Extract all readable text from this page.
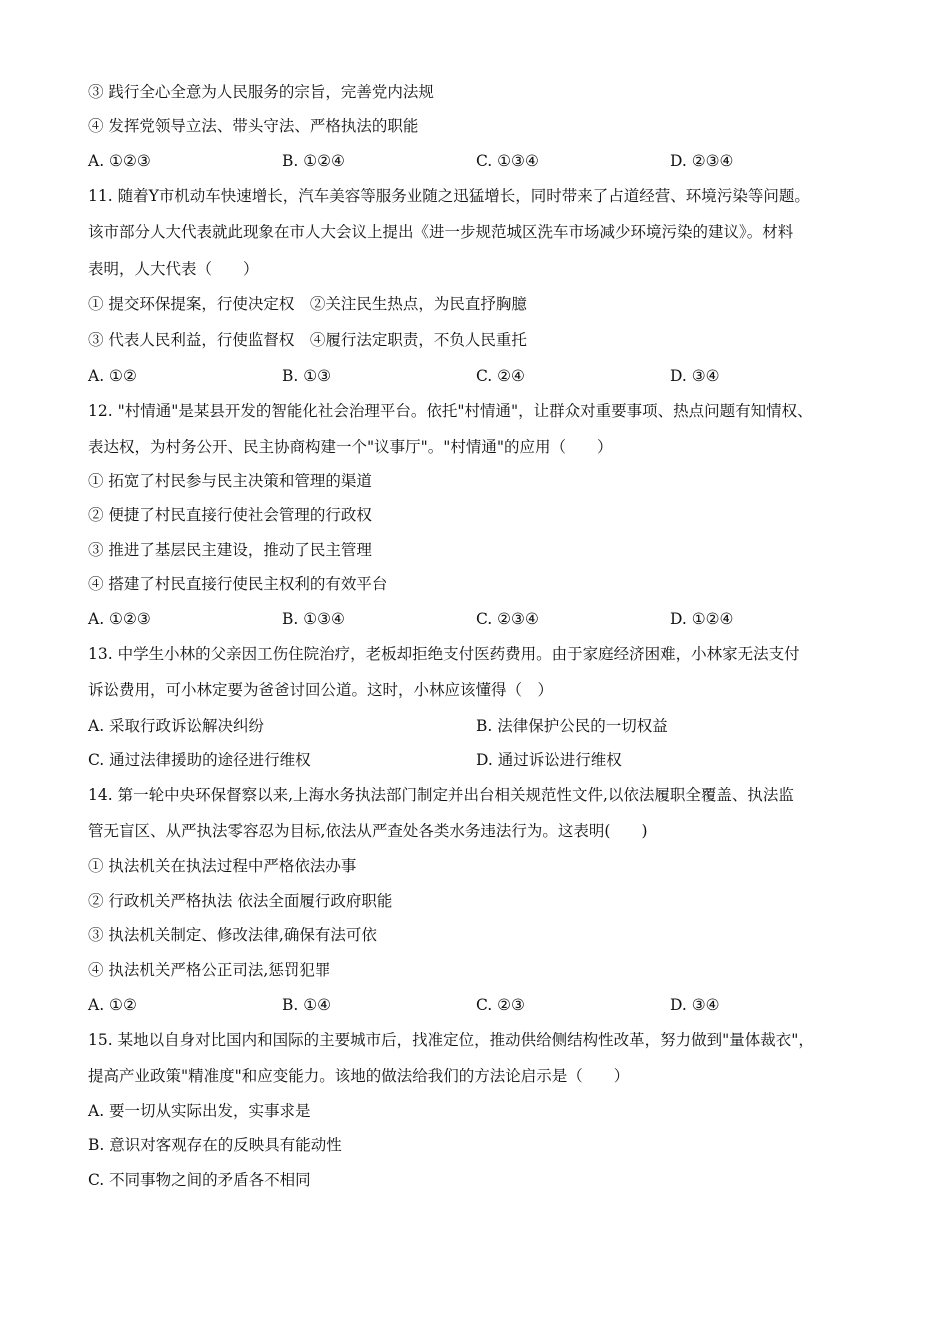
③ 践行全心全意为人民服务的宗旨，完善党内法规
④ 发挥党领导立法、带头守法、严格执法的职能
A. ①②③	B. ①②④	C. ①③④	D. ②③④
11. 随着Y市机动车快速增长，汽车美容等服务业随之迅猛增长，同时带来了占道经营、环境污染等问题。
该市部分人大代表就此现象在市人大会议上提出《进一步规范城区洗车市场减少环境污染的建议》。材料
表明，人大代表（　　）
① 提交环保提案，行使决定权　②关注民生热点，为民直抒胸臆
③ 代表人民利益，行使监督权　④履行法定职责，不负人民重托
A. ①②	B. ①③	C. ②④	D. ③④
12. "村情通"是某县开发的智能化社会治理平台。依托"村情通"，让群众对重要事项、热点问题有知情权、
表达权，为村务公开、民主协商构建一个"议事厅"。"村情通"的应用（　　）
① 拓宽了村民参与民主决策和管理的渠道
② 便捷了村民直接行使社会管理的行政权
③ 推进了基层民主建设，推动了民主管理
④ 搭建了村民直接行使民主权利的有效平台
A. ①②③	B. ①③④	C. ②③④	D. ①②④
13. 中学生小林的父亲因工伤住院治疗，老板却拒绝支付医药费用。由于家庭经济困难，小林家无法支付
诉讼费用，可小林定要为爸爸讨回公道。这时，小林应该懂得（　）
A. 采取行政诉讼解决纠纷	B. 法律保护公民的一切权益
C. 通过法律援助的途径进行维权	D. 通过诉讼进行维权
14. 第一轮中央环保督察以来,上海水务执法部门制定并出台相关规范性文件,以依法履职全覆盖、执法监
管无盲区、从严执法零容忍为目标,依法从严查处各类水务违法行为。这表明(　　)
① 执法机关在执法过程中严格依法办事
② 行政机关严格执法 依法全面履行政府职能
③ 执法机关制定、修改法律,确保有法可依
④ 执法机关严格公正司法,惩罚犯罪
A. ①②	B. ①④	C. ②③	D. ③④
15. 某地以自身对比国内和国际的主要城市后，找准定位，推动供给侧结构性改革，努力做到"量体裁衣"，
提高产业政策"精准度"和应变能力。该地的做法给我们的方法论启示是（　　）
A. 要一切从实际出发，实事求是
B. 意识对客观存在的反映具有能动性
C. 不同事物之间的矛盾各不相同
